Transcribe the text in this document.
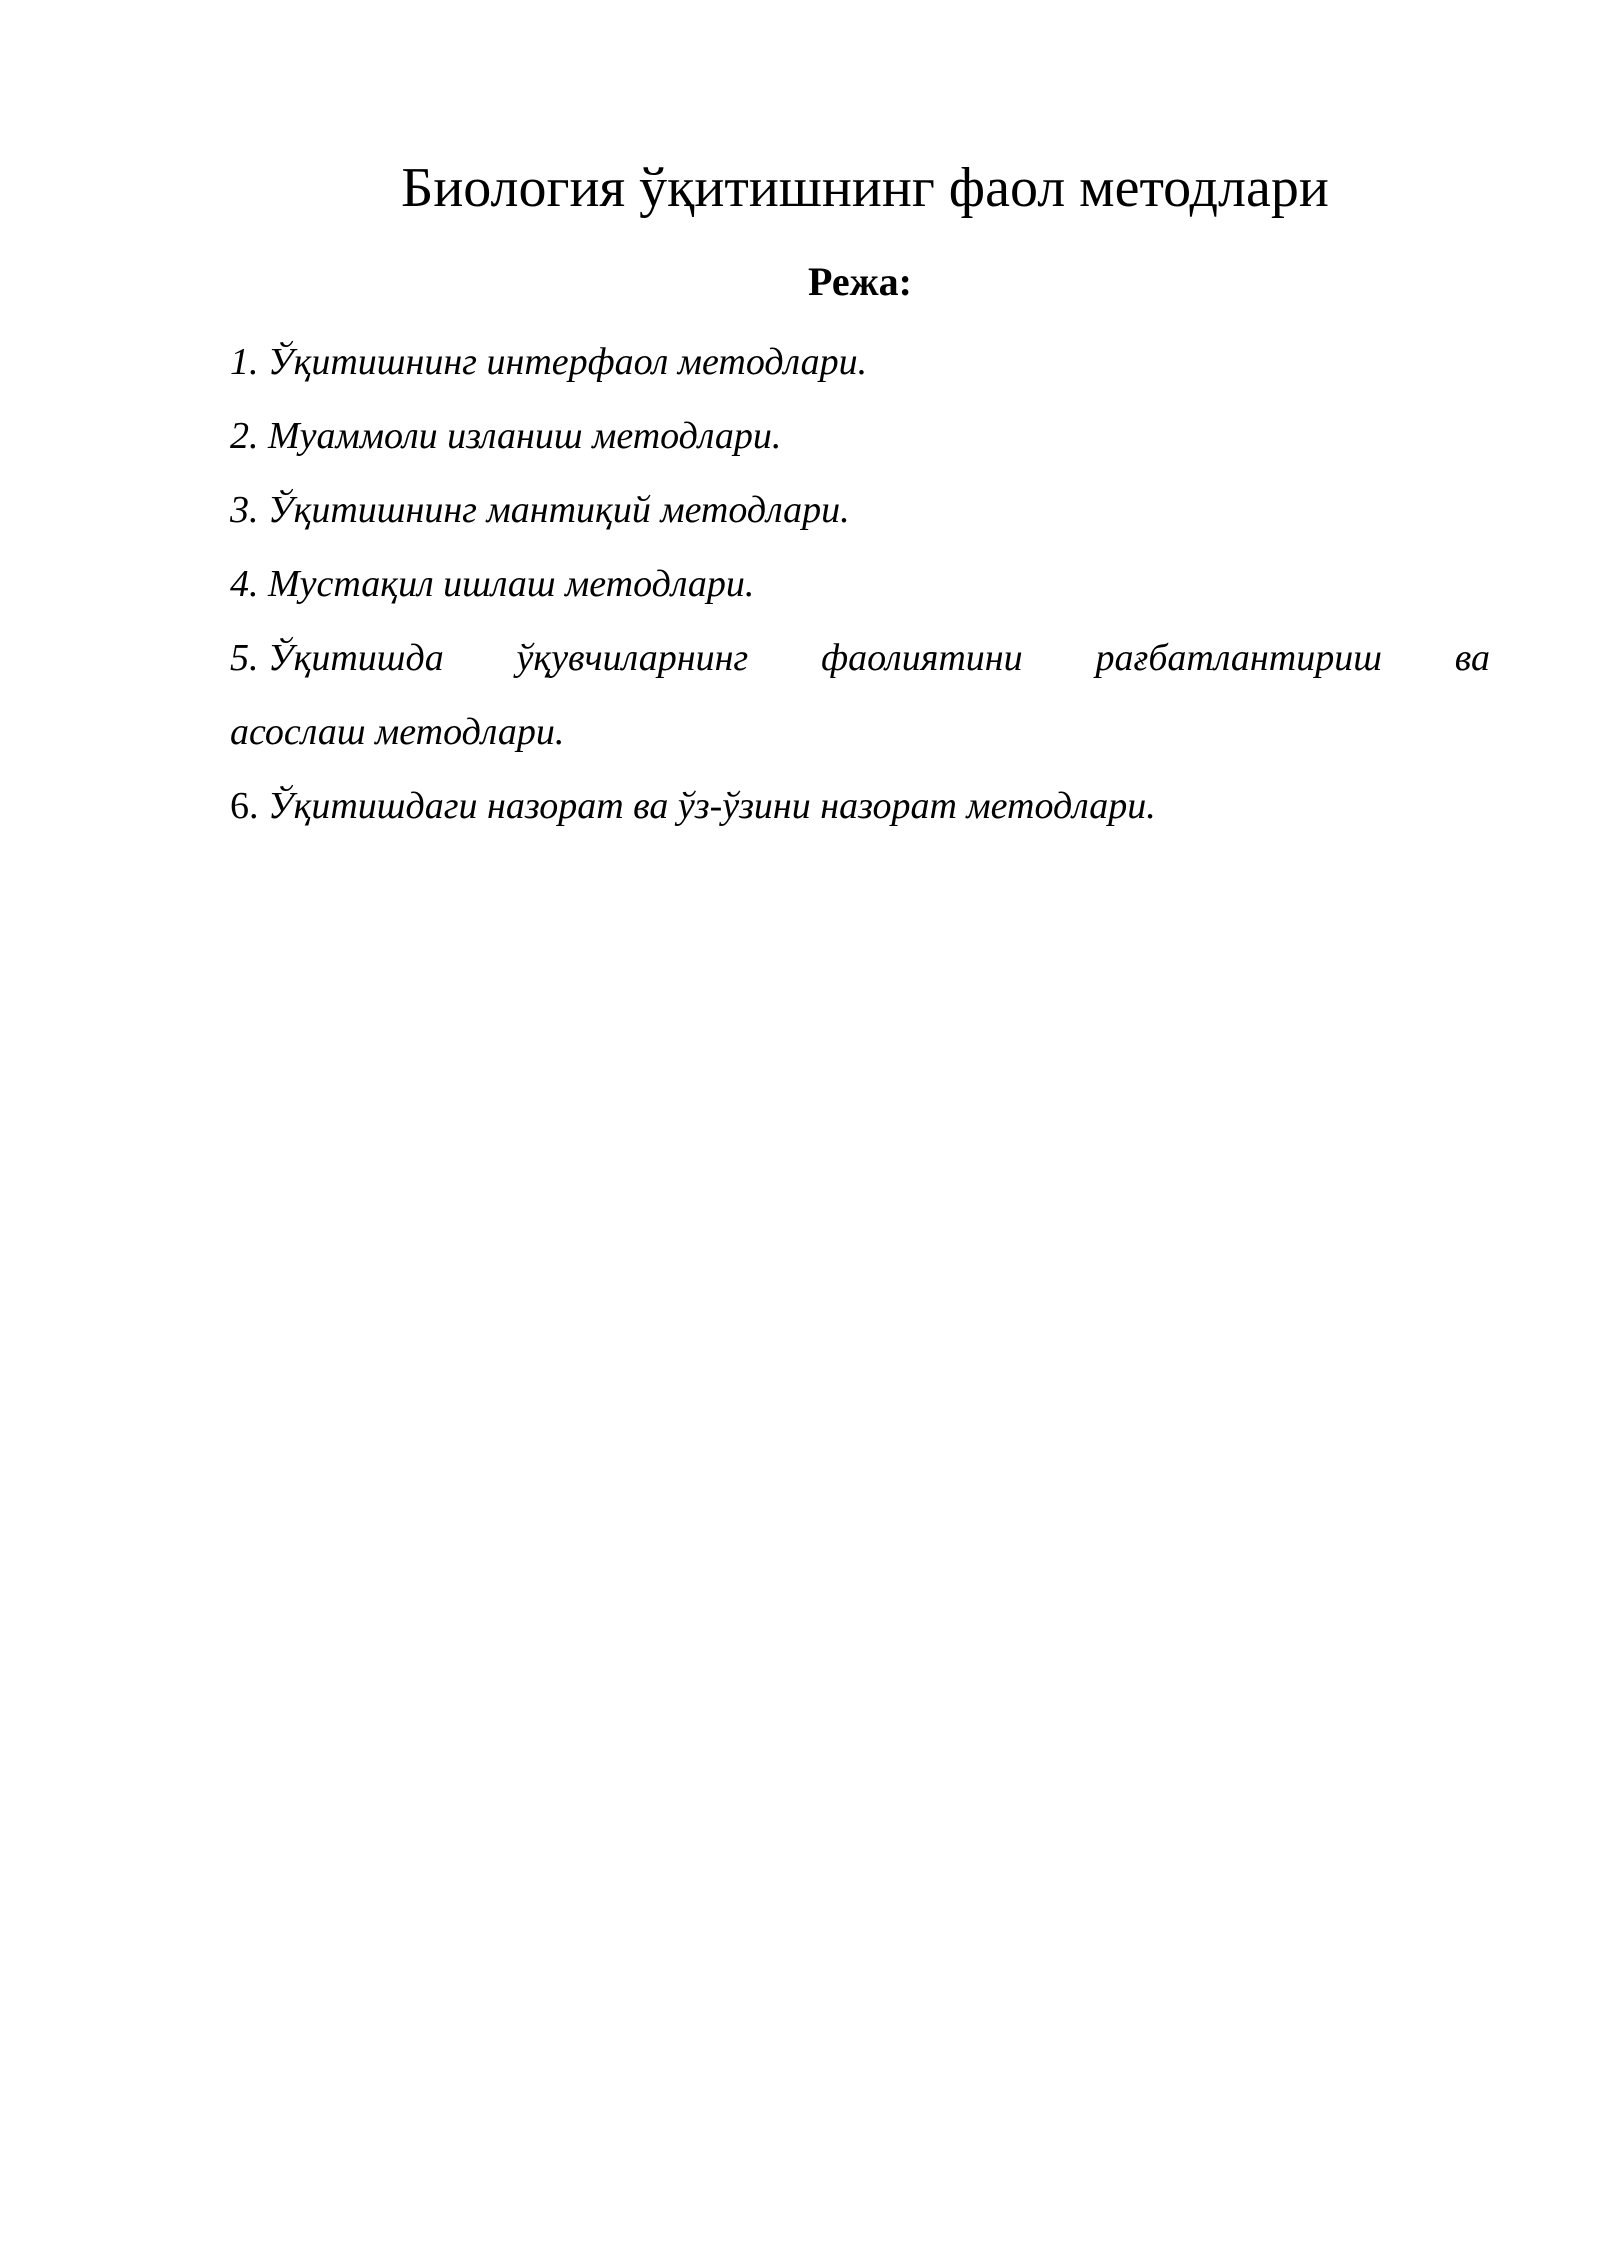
Биология ўқитишнинг фаол методлари
Режа:
1. Ўқитишнинг интерфаол методлари.
2. Муаммоли изланиш методлари.
3. Ўқитишнинг мантиқий методлари.
4. Мустақил ишлаш методлари.
5. Ўқитишда ўқувчиларнинг фаолиятини рағбатлантириш ва
асослаш методлари.
6. Ўқитишдаги назорат ва ўз-ўзини назорат методлари.
